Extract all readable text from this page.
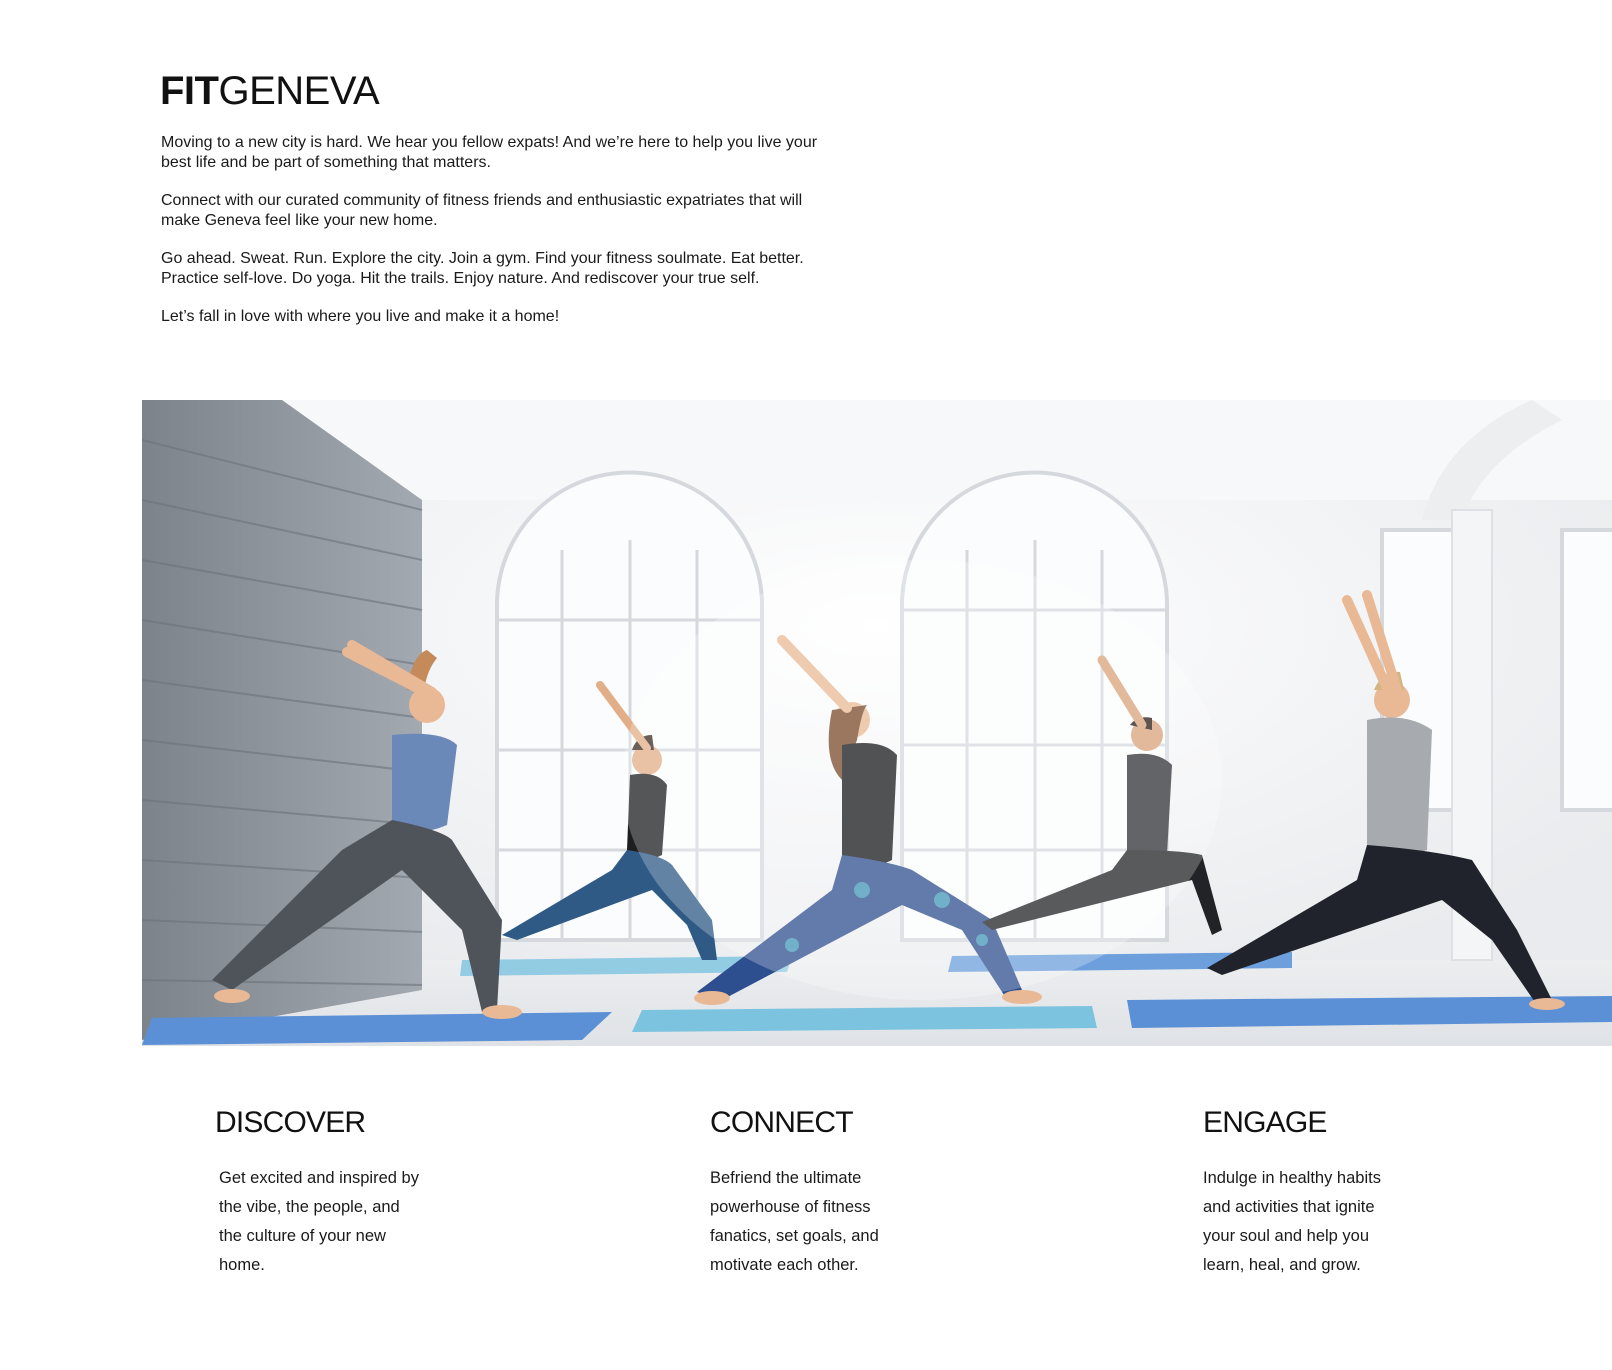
FITGENEVA

Moving to a new city is hard. We hear you fellow expats! And we’re here to help you live your best life and be part of something that matters.

Connect with our curated community of fitness friends and enthusiastic expatriates that will make Geneva feel like your new home.

Go ahead. Sweat. Run. Explore the city. Join a gym. Find your fitness soulmate. Eat better. Practice self-love. Do yoga. Hit the trails. Enjoy nature. And rediscover your true self.

Let’s fall in love with where you live and make it a home!

DISCOVER

Get excited and inspired by the vibe, the people, and the culture of your new home.

CONNECT

Befriend the ultimate powerhouse of fitness fanatics, set goals, and motivate each other.

ENGAGE

Indulge in healthy habits and activities that ignite your soul and help you learn, heal, and grow.
